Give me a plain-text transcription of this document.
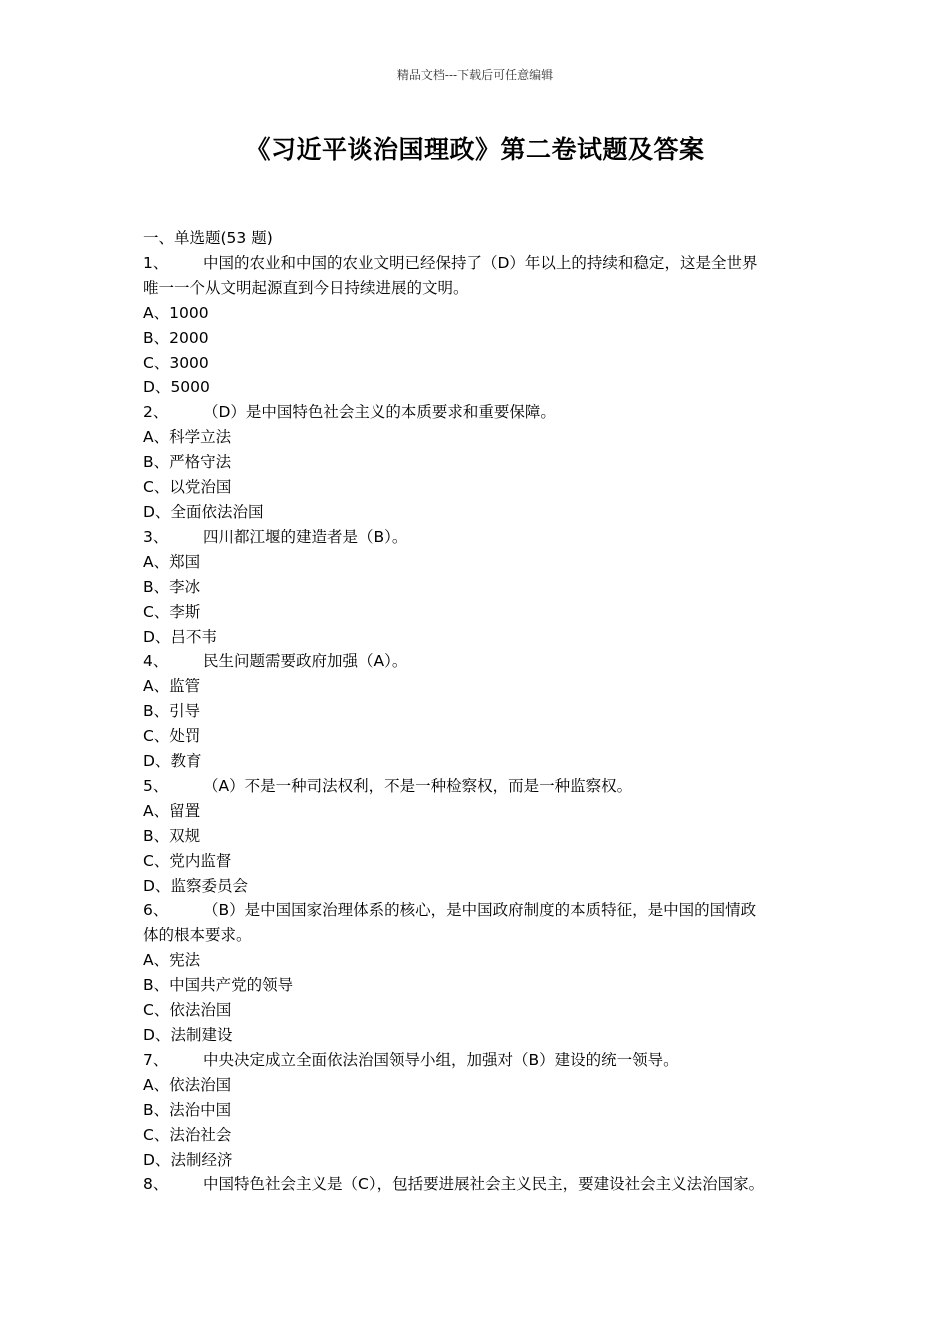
精品文档---下载后可任意编辑
《习近平谈治国理政》第二卷试题及答案
一、单选题(53 题)
1、 中国的农业和中国的农业文明已经保持了（D）年以上的持续和稳定，这是全世界
唯一一个从文明起源直到今日持续进展的文明。
A、1000
B、2000
C、3000
D、5000
2、 （D）是中国特色社会主义的本质要求和重要保障。
A、科学立法
B、严格守法
C、以党治国
D、全面依法治国
3、 四川都江堰的建造者是（B）。
A、郑国
B、李冰
C、李斯
D、吕不韦
4、 民生问题需要政府加强（A）。
A、监管
B、引导
C、处罚
D、教育
5、 （A）不是一种司法权利，不是一种检察权，而是一种监察权。
A、留置
B、双规
C、党内监督
D、监察委员会
6、 （B）是中国国家治理体系的核心，是中国政府制度的本质特征，是中国的国情政
体的根本要求。
A、宪法
B、中国共产党的领导
C、依法治国
D、法制建设
7、 中央决定成立全面依法治国领导小组，加强对（B）建设的统一领导。
A、依法治国
B、法治中国
C、法治社会
D、法制经济
8、 中国特色社会主义是（C），包括要进展社会主义民主，要建设社会主义法治国家。
